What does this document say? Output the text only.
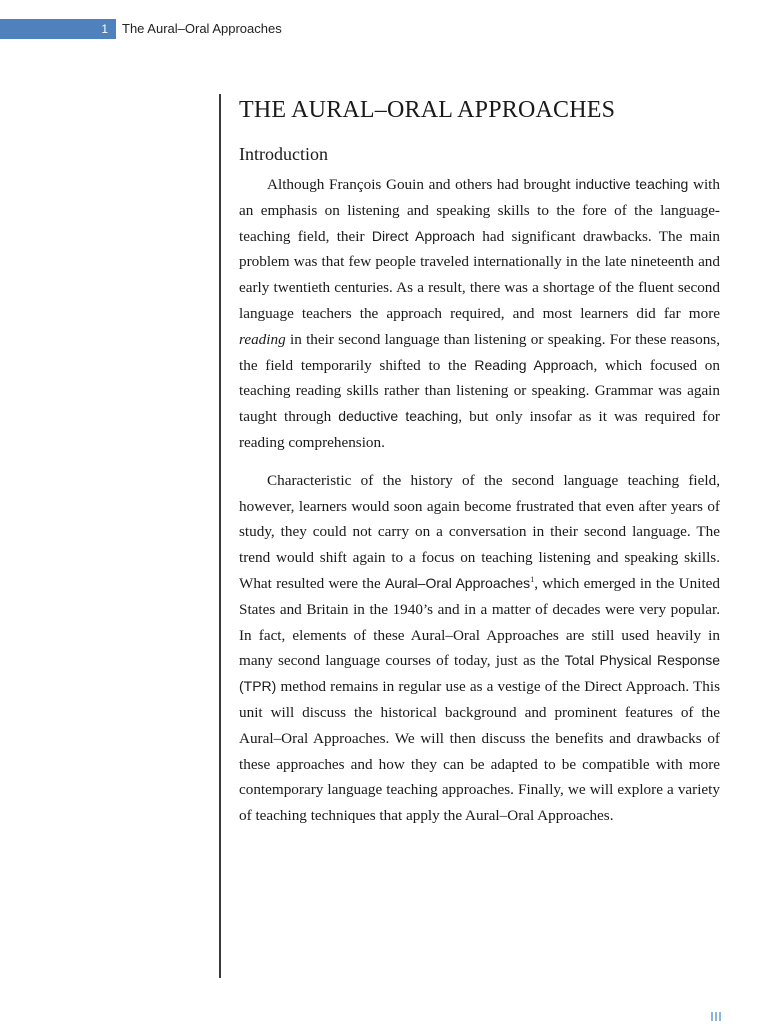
1 The Aural–Oral Approaches
THE AURAL–ORAL APPROACHES
Introduction

Although François Gouin and others had brought inductive teaching with an emphasis on listening and speaking skills to the fore of the language-teaching field, their Direct Approach had significant drawbacks. The main problem was that few people traveled internationally in the late nineteenth and early twentieth centuries. As a result, there was a shortage of the fluent second language teachers the approach required, and most learners did far more reading in their second language than listening or speaking. For these reasons, the field temporarily shifted to the Reading Approach, which focused on teaching reading skills rather than listening or speaking. Grammar was again taught through deductive teaching, but only insofar as it was required for reading comprehension.

Characteristic of the history of the second language teaching field, however, learners would soon again become frustrated that even after years of study, they could not carry on a conversation in their second language. The trend would shift again to a focus on teaching listening and speaking skills. What resulted were the Aural–Oral Approaches$^1$, which emerged in the United States and Britain in the 1940’s and in a matter of decades were very popular. In fact, elements of these Aural–Oral Approaches are still used heavily in many second language courses of today, just as the Total Physical Response (TPR) method remains in regular use as a vestige of the Direct Approach. This unit will discuss the historical background and prominent features of the Aural–Oral Approaches. We will then discuss the benefits and drawbacks of these approaches and how they can be adapted to be compatible with more contemporary language teaching approaches. Finally, we will explore a variety of teaching techniques that apply the Aural–Oral Approaches.
